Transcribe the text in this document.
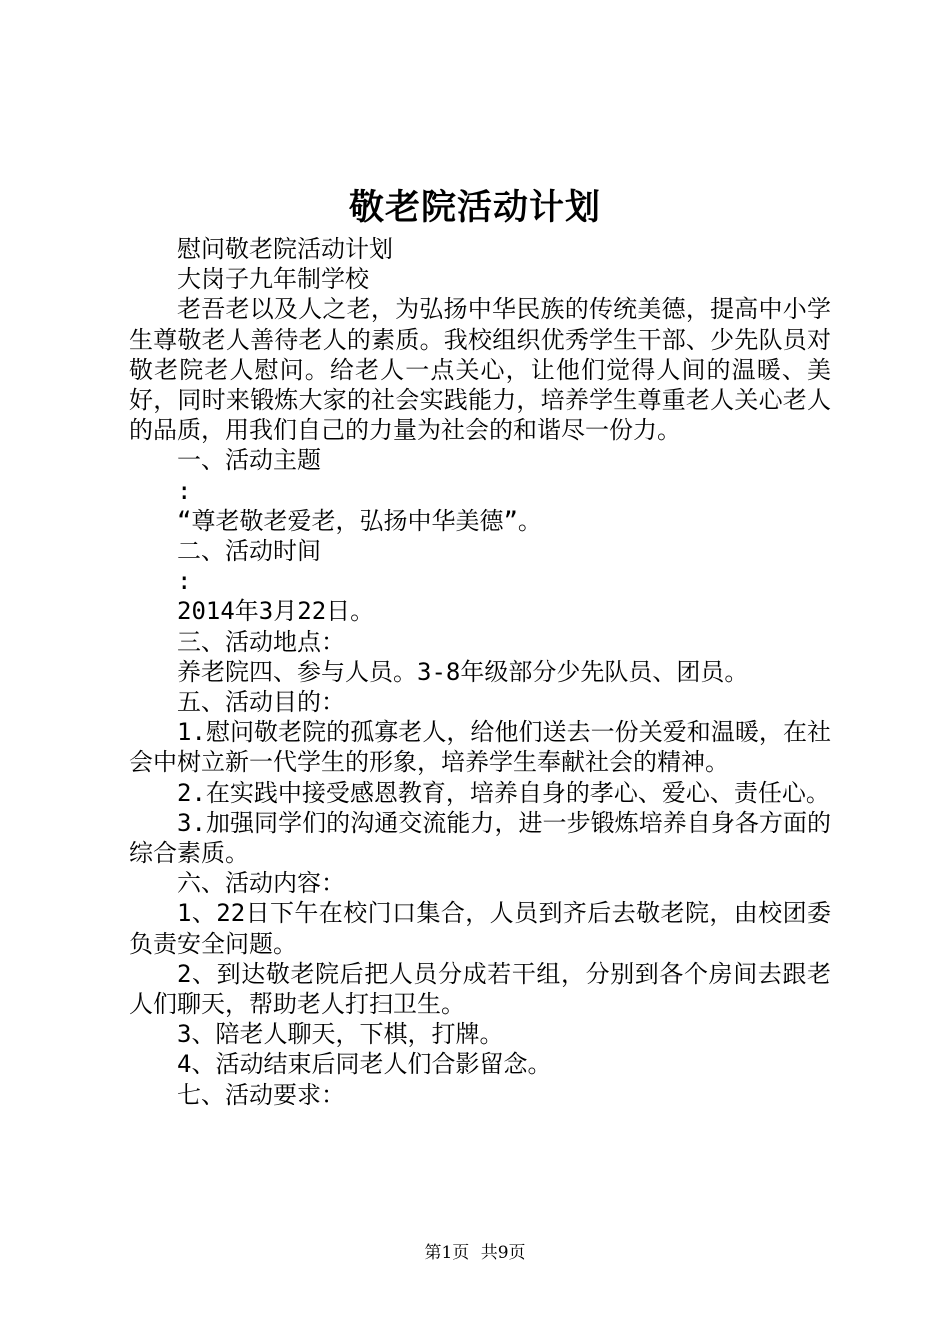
敬老院活动计划

慰问敬老院活动计划

大岗子九年制学校

老吾老以及人之老，为弘扬中华民族的传统美德，提高中小学生尊敬老人善待老人的素质。我校组织优秀学生干部、少先队员对敬老院老人慰问。给老人一点关心，让他们觉得人间的温暖、美好，同时来锻炼大家的社会实践能力，培养学生尊重老人关心老人的品质，用我们自己的力量为社会的和谐尽一份力。

一、活动主题

:

“尊老敬老爱老，弘扬中华美德”。

二、活动时间

:

2014年3月22日。

三、活动地点：

养老院四、参与人员。3-8年级部分少先队员、团员。

五、活动目的：

1.慰问敬老院的孤寡老人，给他们送去一份关爱和温暖，在社会中树立新一代学生的形象，培养学生奉献社会的精神。

2.在实践中接受感恩教育，培养自身的孝心、爱心、责任心。

3.加强同学们的沟通交流能力，进一步锻炼培养自身各方面的综合素质。

六、活动内容：

1、22日下午在校门口集合，人员到齐后去敬老院，由校团委负责安全问题。

2、到达敬老院后把人员分成若干组，分别到各个房间去跟老人们聊天，帮助老人打扫卫生。

3、陪老人聊天，下棋，打牌。

4、活动结束后同老人们合影留念。

七、活动要求：

第1页 共9页
